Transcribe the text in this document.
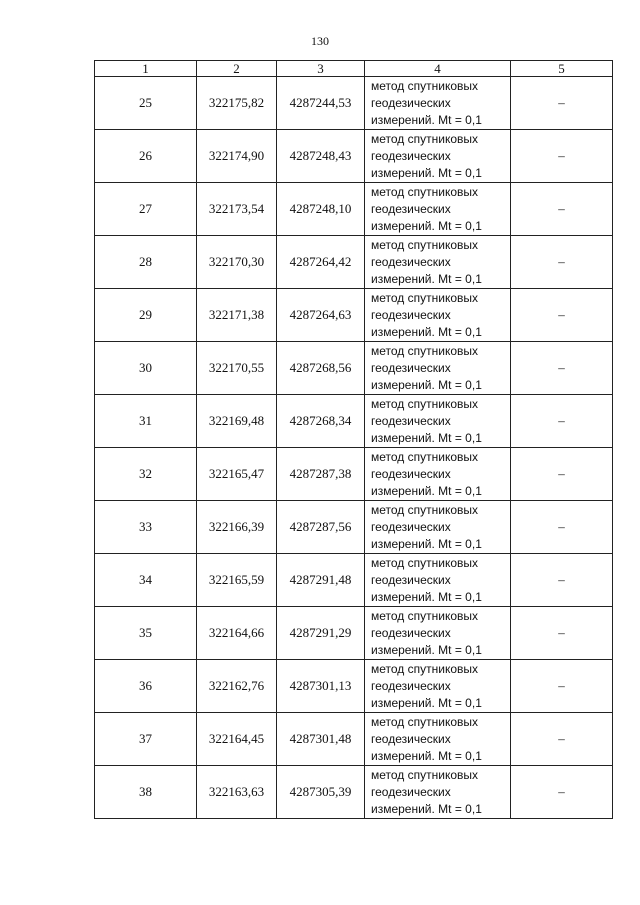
130
1	2	3	4	5
25	322175,82	4287244,53	метод спутниковых геодезических измерений. Mt = 0,1	–
26	322174,90	4287248,43	метод спутниковых геодезических измерений. Mt = 0,1	–
27	322173,54	4287248,10	метод спутниковых геодезических измерений. Mt = 0,1	–
28	322170,30	4287264,42	метод спутниковых геодезических измерений. Mt = 0,1	–
29	322171,38	4287264,63	метод спутниковых геодезических измерений. Mt = 0,1	–
30	322170,55	4287268,56	метод спутниковых геодезических измерений. Mt = 0,1	–
31	322169,48	4287268,34	метод спутниковых геодезических измерений. Mt = 0,1	–
32	322165,47	4287287,38	метод спутниковых геодезических измерений. Mt = 0,1	–
33	322166,39	4287287,56	метод спутниковых геодезических измерений. Mt = 0,1	–
34	322165,59	4287291,48	метод спутниковых геодезических измерений. Mt = 0,1	–
35	322164,66	4287291,29	метод спутниковых геодезических измерений. Mt = 0,1	–
36	322162,76	4287301,13	метод спутниковых геодезических измерений. Mt = 0,1	–
37	322164,45	4287301,48	метод спутниковых геодезических измерений. Mt = 0,1	–
38	322163,63	4287305,39	метод спутниковых геодезических измерений. Mt = 0,1	–
